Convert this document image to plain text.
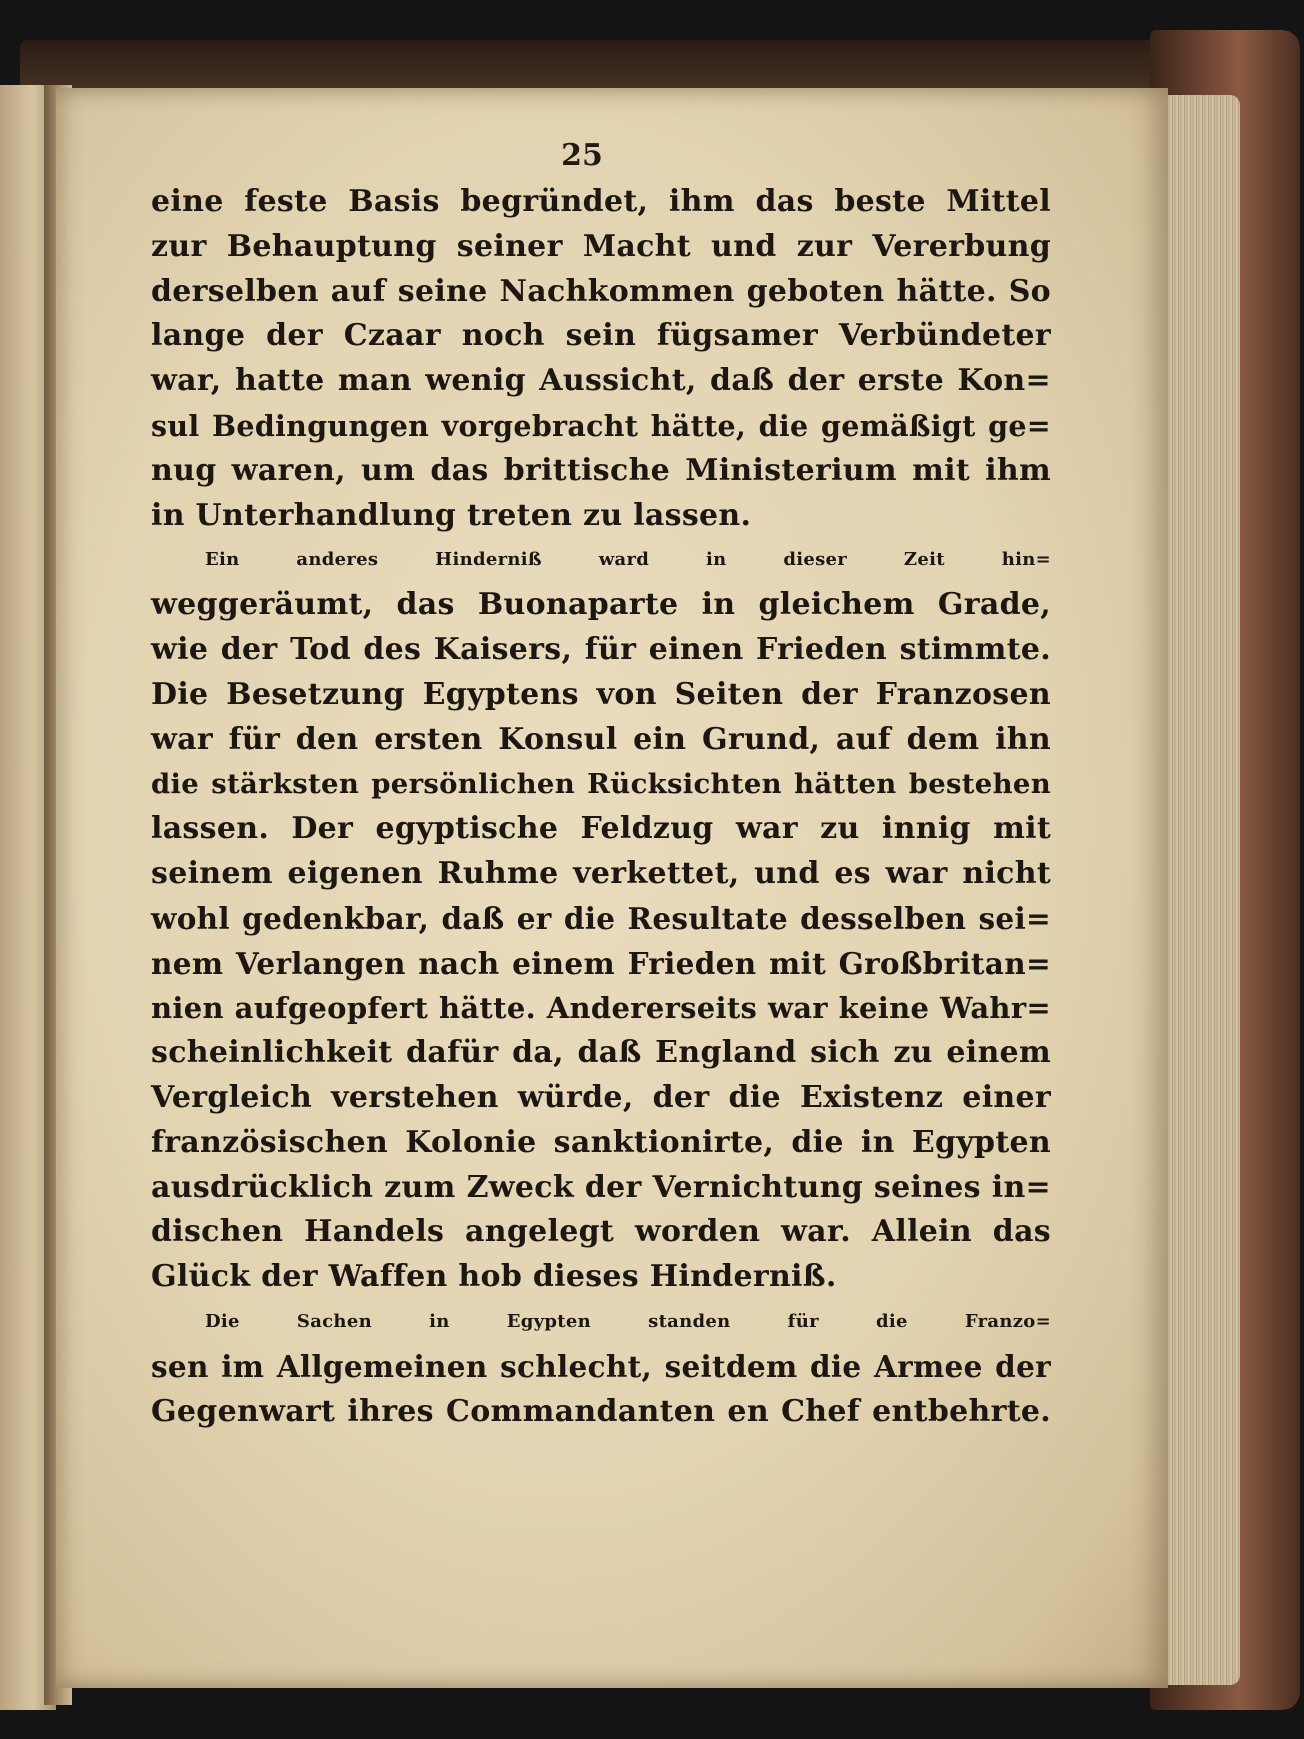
25
eine feste Basis begründet, ihm das beste Mittel
zur Behauptung seiner Macht und zur Vererbung
derselben auf seine Nachkommen geboten hätte. So
lange der Czaar noch sein fügsamer Verbündeter
war, hatte man wenig Aussicht, daß der erste Kon=
sul Bedingungen vorgebracht hätte, die gemäßigt ge=
nug waren, um das brittische Ministerium mit ihm
in Unterhandlung treten zu lassen.
Ein anderes Hinderniß ward in dieser Zeit hin=
weggeräumt, das Buonaparte in gleichem Grade,
wie der Tod des Kaisers, für einen Frieden stimmte.
Die Besetzung Egyptens von Seiten der Franzosen
war für den ersten Konsul ein Grund, auf dem ihn
die stärksten persönlichen Rücksichten hätten bestehen
lassen. Der egyptische Feldzug war zu innig mit
seinem eigenen Ruhme verkettet, und es war nicht
wohl gedenkbar, daß er die Resultate desselben sei=
nem Verlangen nach einem Frieden mit Großbritan=
nien aufgeopfert hätte. Andererseits war keine Wahr=
scheinlichkeit dafür da, daß England sich zu einem
Vergleich verstehen würde, der die Existenz einer
französischen Kolonie sanktionirte, die in Egypten
ausdrücklich zum Zweck der Vernichtung seines in=
dischen Handels angelegt worden war. Allein das
Glück der Waffen hob dieses Hinderniß.
Die Sachen in Egypten standen für die Franzo=
sen im Allgemeinen schlecht, seitdem die Armee der
Gegenwart ihres Commandanten en Chef entbehrte.
